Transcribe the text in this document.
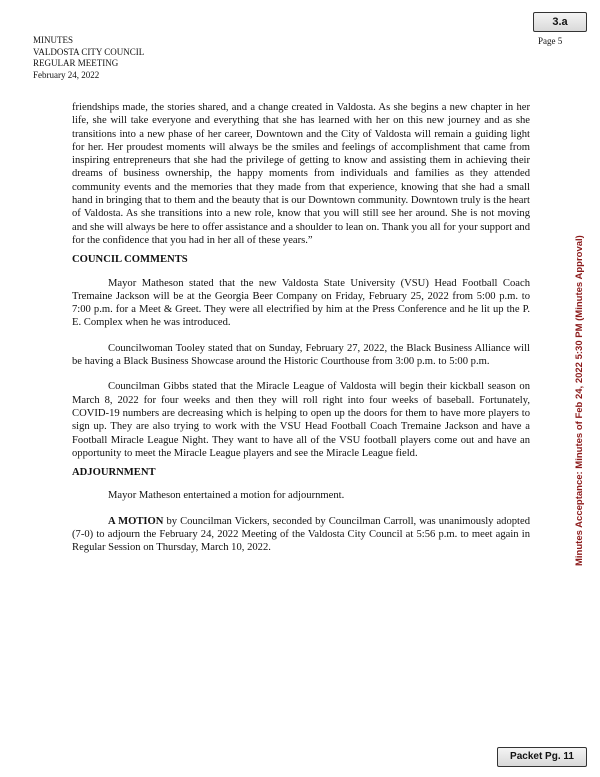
3.a
Page 5
MINUTES
VALDOSTA CITY COUNCIL
REGULAR MEETING
February 24, 2022

friendships made, the stories shared, and a change created in Valdosta. As she begins a new chapter in her life, she will take everyone and everything that she has learned with her on this new journey and as she transitions into a new phase of her career, Downtown and the City of Valdosta will remain a guiding light for her. Her proudest moments will always be the smiles and feelings of accomplishment that came from inspiring entrepreneurs that she had the privilege of getting to know and assisting them in achieving their dreams of business ownership, the happy moments from individuals and families as they attended community events and the memories that they made from that experience, knowing that she had a small hand in bringing that to them and the beauty that is our Downtown community. Downtown truly is the heart of Valdosta. As she transitions into a new role, know that you will still see her around. She is not moving and she will always be here to offer assistance and a shoulder to lean on. Thank you all for your support and for the confidence that you had in her all of these years.”

COUNCIL COMMENTS

Mayor Matheson stated that the new Valdosta State University (VSU) Head Football Coach Tremaine Jackson will be at the Georgia Beer Company on Friday, February 25, 2022 from 5:00 p.m. to 7:00 p.m. for a Meet & Greet. They were all electrified by him at the Press Conference and he lit up the P. E. Complex when he was introduced.

Councilwoman Tooley stated that on Sunday, February 27, 2022, the Black Business Alliance will be having a Black Business Showcase around the Historic Courthouse from 3:00 p.m. to 5:00 p.m.

Councilman Gibbs stated that the Miracle League of Valdosta will begin their kickball season on March 8, 2022 for four weeks and then they will roll right into four weeks of baseball. Fortunately, COVID-19 numbers are decreasing which is helping to open up the doors for them to have more players to sign up. They are also trying to work with the VSU Head Football Coach Tremaine Jackson and have a Football Miracle League Night. They want to have all of the VSU football players come out and have an opportunity to meet the Miracle League players and see the Miracle League field.

ADJOURNMENT

Mayor Matheson entertained a motion for adjournment.

A MOTION by Councilman Vickers, seconded by Councilman Carroll, was unanimously adopted (7-0) to adjourn the February 24, 2022 Meeting of the Valdosta City Council at 5:56 p.m. to meet again in Regular Session on Thursday, March 10, 2022.	Minutes Acceptance: Minutes of Feb 24, 2022 5:30 PM (Minutes Approval)
Packet Pg. 11
